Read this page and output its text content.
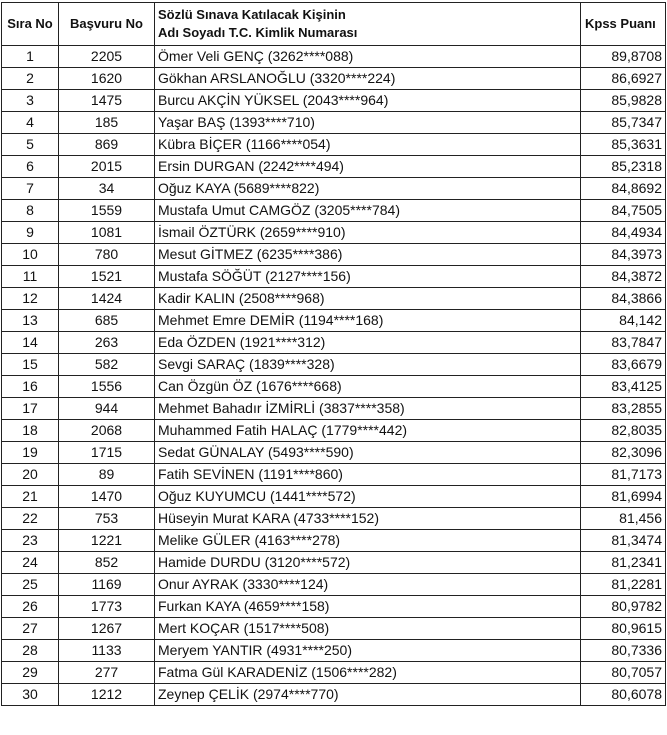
Sıra No	Başvuru No	Sözlü Sınava Katılacak Kişinin
Adı Soyadı T.C. Kimlik Numarası	Kpss Puanı
1	2205	Ömer Veli GENÇ (3262****088)	89,8708
2	1620	Gökhan ARSLANOĞLU (3320****224)	86,6927
3	1475	Burcu AKÇİN YÜKSEL (2043****964)	85,9828
4	185	Yaşar BAŞ (1393****710)	85,7347
5	869	Kübra BİÇER (1166****054)	85,3631
6	2015	Ersin DURGAN (2242****494)	85,2318
7	34	Oğuz KAYA (5689****822)	84,8692
8	1559	Mustafa Umut CAMGÖZ (3205****784)	84,7505
9	1081	İsmail ÖZTÜRK (2659****910)	84,4934
10	780	Mesut GİTMEZ (6235****386)	84,3973
11	1521	Mustafa SÖĞÜT (2127****156)	84,3872
12	1424	Kadir KALIN (2508****968)	84,3866
13	685	Mehmet Emre DEMİR (1194****168)	84,142
14	263	Eda ÖZDEN (1921****312)	83,7847
15	582	Sevgi SARAÇ (1839****328)	83,6679
16	1556	Can Özgün ÖZ (1676****668)	83,4125
17	944	Mehmet Bahadır İZMİRLİ (3837****358)	83,2855
18	2068	Muhammed Fatih HALAÇ (1779****442)	82,8035
19	1715	Sedat GÜNALAY (5493****590)	82,3096
20	89	Fatih SEVİNEN (1191****860)	81,7173
21	1470	Oğuz KUYUMCU (1441****572)	81,6994
22	753	Hüseyin Murat KARA (4733****152)	81,456
23	1221	Melike GÜLER (4163****278)	81,3474
24	852	Hamide DURDU (3120****572)	81,2341
25	1169	Onur AYRAK (3330****124)	81,2281
26	1773	Furkan KAYA (4659****158)	80,9782
27	1267	Mert KOÇAR (1517****508)	80,9615
28	1133	Meryem YANTIR (4931****250)	80,7336
29	277	Fatma Gül KARADENİZ (1506****282)	80,7057
30	1212	Zeynep ÇELİK (2974****770)	80,6078
